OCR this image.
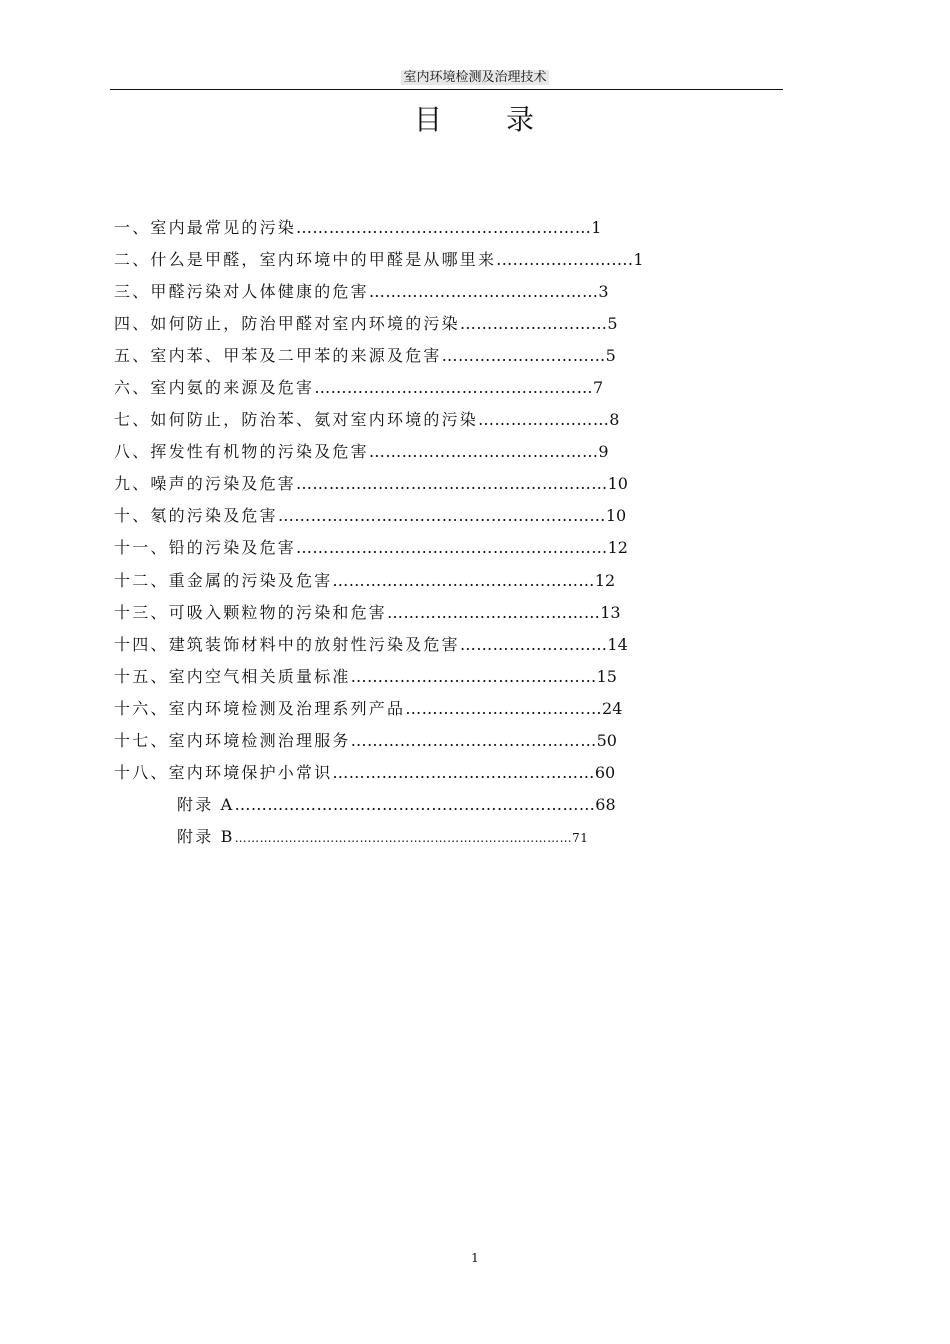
室内环境检测及治理技术
目 录
一、室内最常见的污染………………………………………………1
二、什么是甲醛，室内环境中的甲醛是从哪里来.........................1
三、甲醛污染对人体健康的危害……………………………………3
四、如何防止，防治甲醛对室内环境的污染………………………5
五、室内苯、甲苯及二甲苯的来源及危害…………………………5
六、室内氨的来源及危害……………………………………………7
七、如何防止，防治苯、氨对室内环境的污染……………………8
八、挥发性有机物的污染及危害……………………………………9
九、噪声的污染及危害…………………………………………………10
十、氡的污染及危害……………………………………………………10
十一、铅的污染及危害…………………………………………………12
十二、重金属的污染及危害…………………………………………12
十三、可吸入颗粒物的污染和危害…………………………………13
十四、建筑装饰材料中的放射性污染及危害………………………14
十五、室内空气相关质量标准………………………………………15
十六、室内环境检测及治理系列产品………………………………24
十七、室内环境检测治理服务………………………………………50
十八、室内环境保护小常识…………………………………………60
附录 A…………………………………………………………68
附录 B………………………………………………………………………71
1
